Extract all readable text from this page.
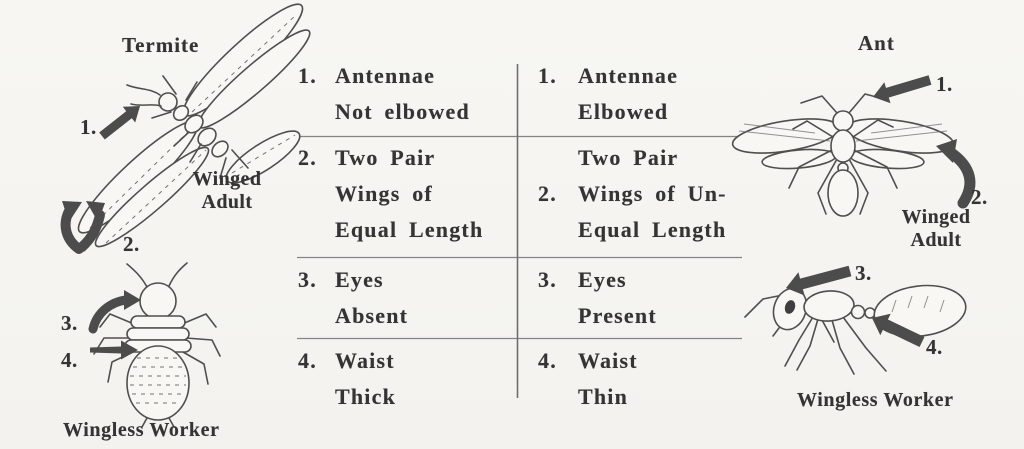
Termite
1.
Winged
Adult
2.
3.
4.
Wingless Worker
Ant
1.
2.
Winged
Adult
3.
4.
Wingless Worker
1. Antennae
Not elbowed
2. Two Pair
Wings of
Equal Length
3. Eyes
Absent
4. Waist
Thick
1. Antennae
Elbowed
Two Pair
2. Wings of Un-
Equal Length
3. Eyes
Present
4. Waist
Thin
